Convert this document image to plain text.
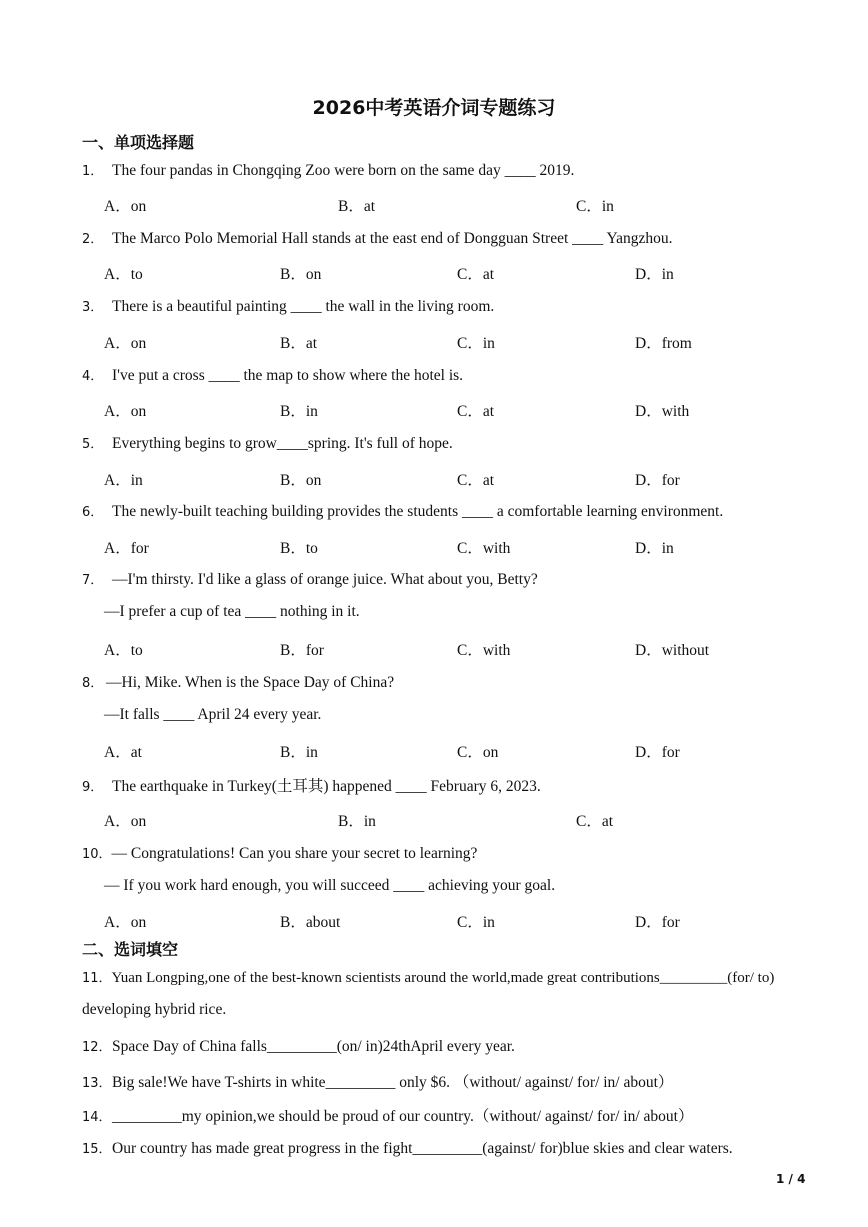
2026中考英语介词专题练习
一、单项选择题
1． The four pandas in Chongqing Zoo were born on the same day ____ 2019.
A．on	B．at	C．in
2． The Marco Polo Memorial Hall stands at the east end of Dongguan Street ____ Yangzhou.
A．to	B．on	C．at	D．in
3． There is a beautiful painting ____ the wall in the living room.
A．on	B．at	C．in	D．from
4． I've put a cross ____ the map to show where the hotel is.
A．on	B．in	C．at	D．with
5． Everything begins to grow____spring. It's full of hope.
A．in	B．on	C．at	D．for
6． The newly-built teaching building provides the students ____ a comfortable learning environment.
A．for	B．to	C．with	D．in
7． —I'm thirsty. I'd like a glass of orange juice. What about you, Betty?
—I prefer a cup of tea ____ nothing in it.
A．to	B．for	C．with	D．without
8． —Hi, Mike. When is the Space Day of China?
—It falls ____ April 24 every year.
A．at	B．in	C．on	D．for
9． The earthquake in Turkey(土耳其) happened ____ February 6, 2023.
A．on	B．in	C．at
10．— Congratulations! Can you share your secret to learning?
— If you work hard enough, you will succeed ____ achieving your goal.
A．on	B．about	C．in	D．for
二、选词填空
11．Yuan Longping,one of the best-known scientists around the world,made great contributions_________(for/ to)
developing hybrid rice.
12．Space Day of China falls_________(on/ in)24thApril every year.
13．Big sale!We have T-shirts in white_________ only $6. （without/ against/ for/ in/ about）
14．_________my opinion,we should be proud of our country.（without/ against/ for/ in/ about）
15．Our country has made great progress in the fight_________(against/ for)blue skies and clear waters.
1 / 4
